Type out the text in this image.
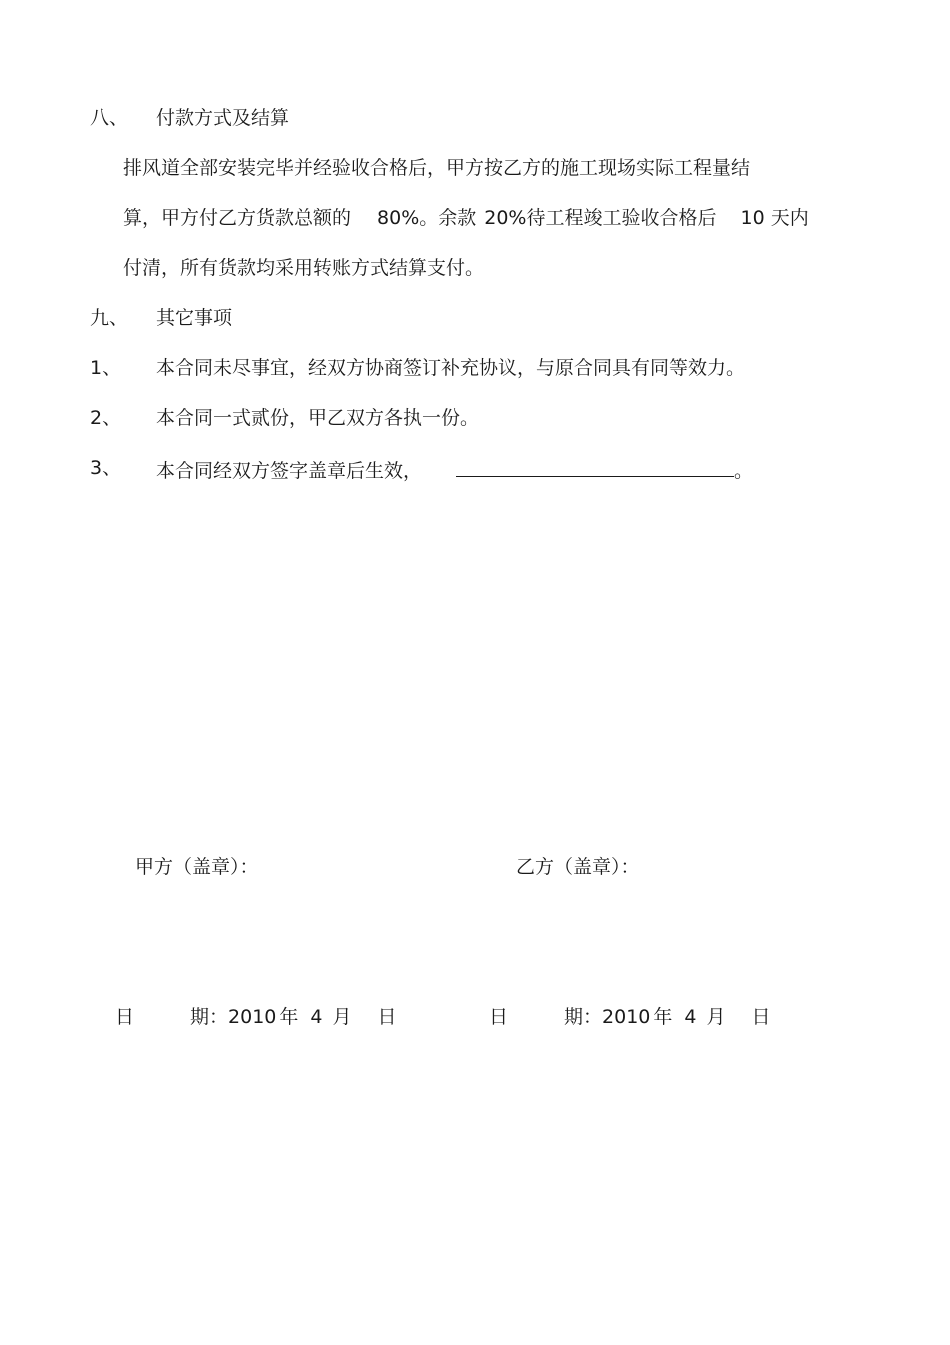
八、 付款方式及结算
排风道全部安装完毕并经验收合格后，甲方按乙方的施工现场实际工程量结
算，甲方付乙方货款总额的 80%。余款 20%待工程竣工验收合格后 10 天内
付清，所有货款均采用转账方式结算支付。
九、 其它事项
1、 本合同未尽事宜，经双方协商签订补充协议，与原合同具有同等效力。
2、 本合同一式贰份，甲乙双方各执一份。
3、 本合同经双方签字盖章后生效，	。
甲方（盖章）：	乙方（盖章）：
日	期：2010 年 4 月 日	日	期：2010 年 4 月 日
